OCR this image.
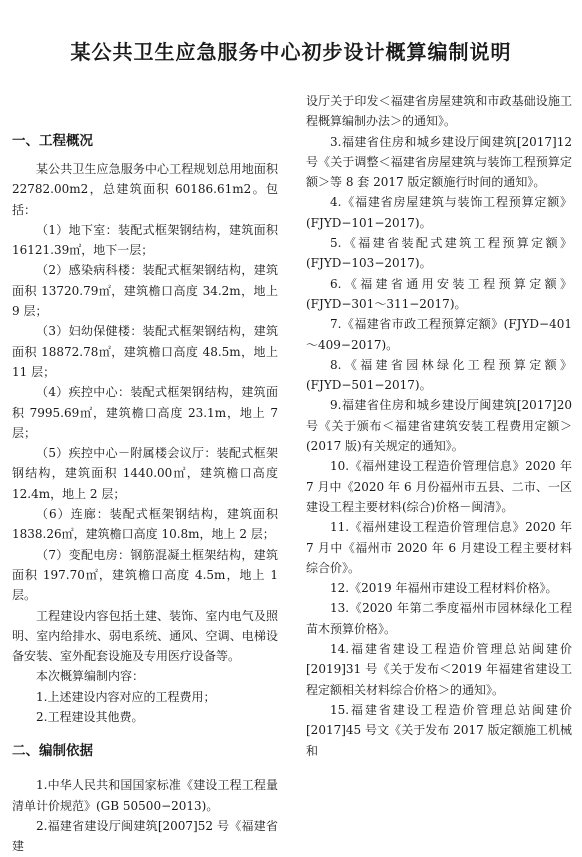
某公共卫生应急服务中心初步设计概算编制说明
一、工程概况

某公共卫生应急服务中心工程规划总用地面积 22782.00m2，总建筑面积 60186.61m2。包括：

（1）地下室：装配式框架钢结构，建筑面积 16121.39㎡，地下一层；

（2）感染病科楼：装配式框架钢结构，建筑面积 13720.79㎡，建筑檐口高度 34.2m，地上 9 层；

（3）妇幼保健楼：装配式框架钢结构，建筑面积 18872.78㎡，建筑檐口高度 48.5m，地上 11 层；

（4）疾控中心：装配式框架钢结构，建筑面积 7995.69㎡，建筑檐口高度 23.1m，地上 7 层；

（5）疾控中心－附属楼会议厅：装配式框架钢结构，建筑面积 1440.00㎡，建筑檐口高度 12.4m，地上 2 层；

（6）连廊：装配式框架钢结构，建筑面积 1838.26㎡，建筑檐口高度 10.8m，地上 2 层；

（7）变配电房：钢筋混凝土框架结构，建筑面积 197.70㎡，建筑檐口高度 4.5m，地上 1 层。

工程建设内容包括土建、装饰、室内电气及照明、室内给排水、弱电系统、通风、空调、电梯设备安装、室外配套设施及专用医疗设备等。

本次概算编制内容：

1.上述建设内容对应的工程费用；

2.工程建设其他费。

二、编制依据

1.中华人民共和国国家标准《建设工程工程量清单计价规范》(GB 50500−2013)。

2.福建省建设厅闽建筑[2007]52 号《福建省建

设厅关于印发＜福建省房屋建筑和市政基础设施工程概算编制办法＞的通知》。

3.福建省住房和城乡建设厅闽建筑[2017]12 号《关于调整＜福建省房屋建筑与装饰工程预算定额＞等 8 套 2017 版定额施行时间的通知》。

4.《福建省房屋建筑与装饰工程预算定额》(FJYD−101−2017)。

5.《福建省装配式建筑工程预算定额》(FJYD−103−2017)。

6.《福建省通用安装工程预算定额》(FJYD−301～311−2017)。

7.《福建省市政工程预算定额》(FJYD−401～409−2017)。

8.《福建省园林绿化工程预算定额》(FJYD−501−2017)。

9.福建省住房和城乡建设厅闽建筑[2017]20 号《关于颁布＜福建省建筑安装工程费用定额＞(2017 版)有关规定的通知》。

10.《福州建设工程造价管理信息》2020 年 7 月中《2020 年 6 月份福州市五县、二市、一区建设工程主要材料(综合)价格－闽清》。

11.《福州建设工程造价管理信息》2020 年 7 月中《福州市 2020 年 6 月建设工程主要材料综合价》。

12.《2019 年福州市建设工程材料价格》。

13.《2020 年第二季度福州市园林绿化工程苗木预算价格》。

14.福建省建设工程造价管理总站闽建价[2019]31 号《关于发布＜2019 年福建省建设工程定额相关材料综合价格＞的通知》。

15.福建省建设工程造价管理总站闽建价[2017]45 号文《关于发布 2017 版定额施工机械和
